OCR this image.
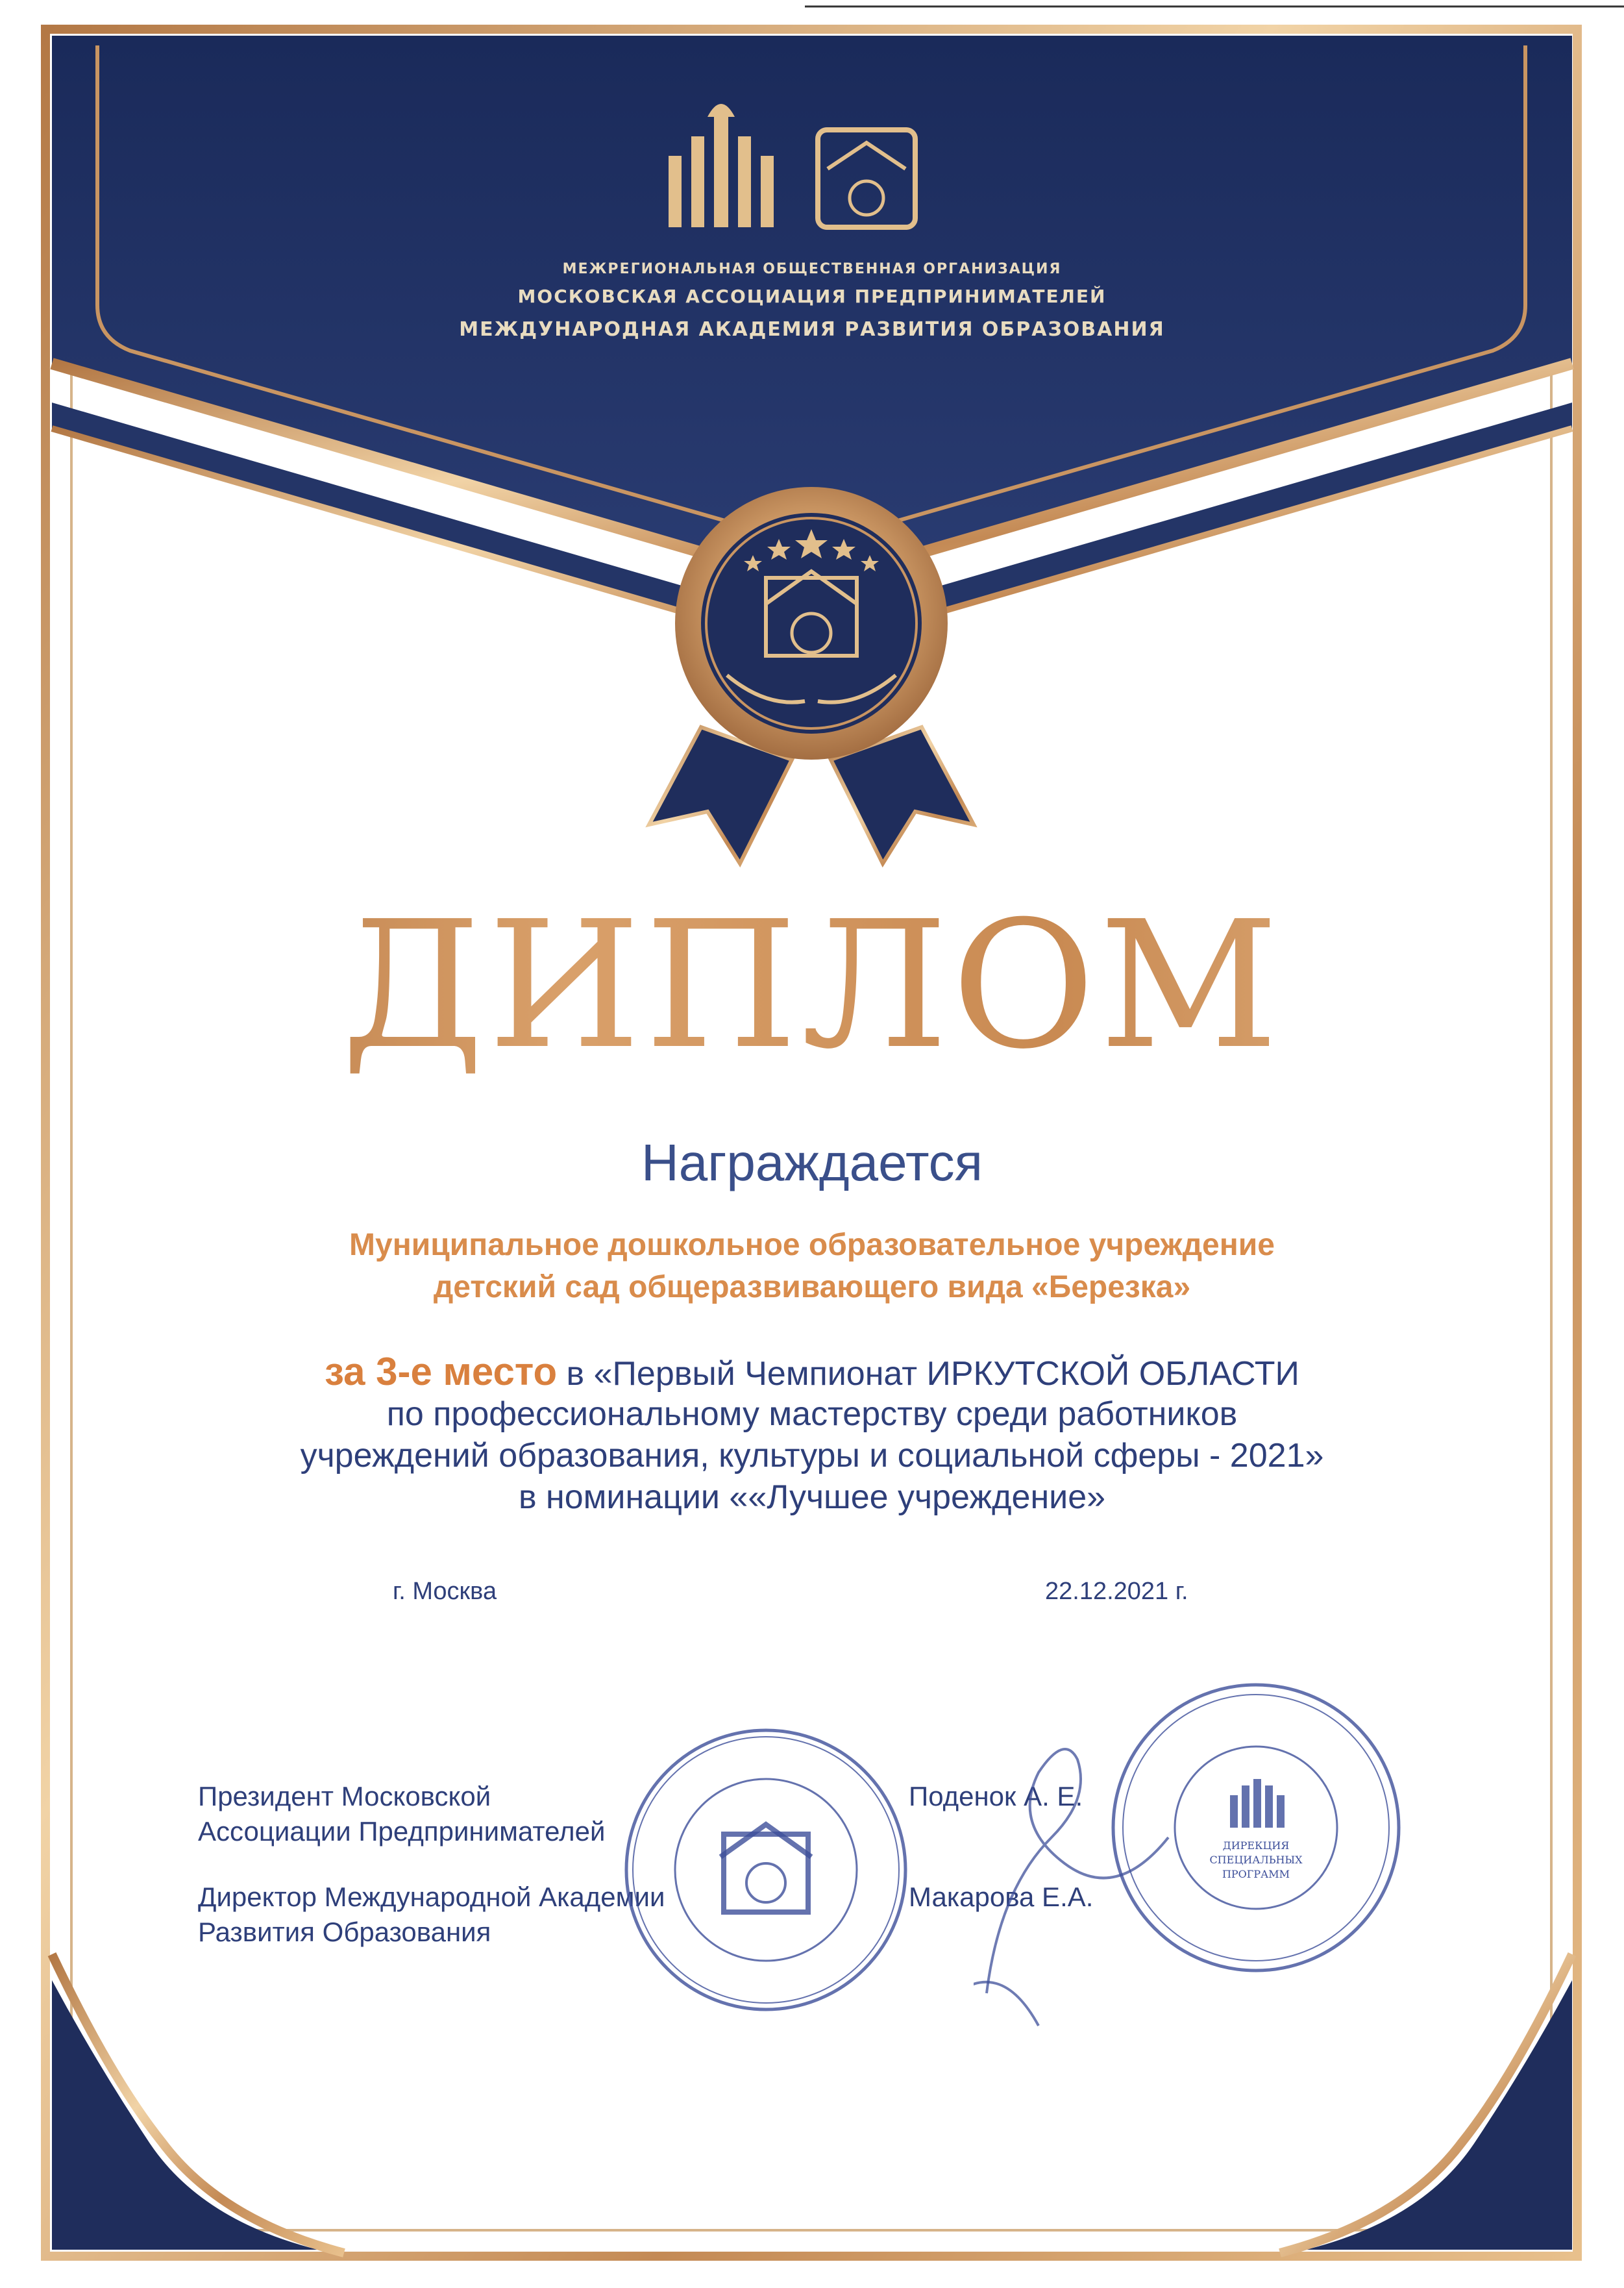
МЕЖРЕГИОНАЛЬНАЯ ОБЩЕСТВЕННАЯ ОРГАНИЗАЦИЯ
МОСКОВСКАЯ АССОЦИАЦИЯ ПРЕДПРИНИМАТЕЛЕЙ
МЕЖДУНАРОДНАЯ АКАДЕМИЯ РАЗВИТИЯ ОБРАЗОВАНИЯ
ДИПЛОМ
Награждается
Муниципальное дошкольное образовательное учреждение
детский сад общеразвивающего вида «Березка»
за 3-е место в «Первый Чемпионат ИРКУТСКОЙ ОБЛАСТИ
по профессиональному мастерству среди работников
учреждений образования, культуры и социальной сферы - 2021»
в номинации ««Лучшее учреждение»
г. Москва	22.12.2021 г.
Президент Московской
Ассоциации Предпринимателей
Поденок А. Е.
Директор Международной Академии
Развития Образования
Макарова Е.А.
ДИРЕКЦИЯ
СПЕЦИАЛЬНЫХ
ПРОГРАММ
